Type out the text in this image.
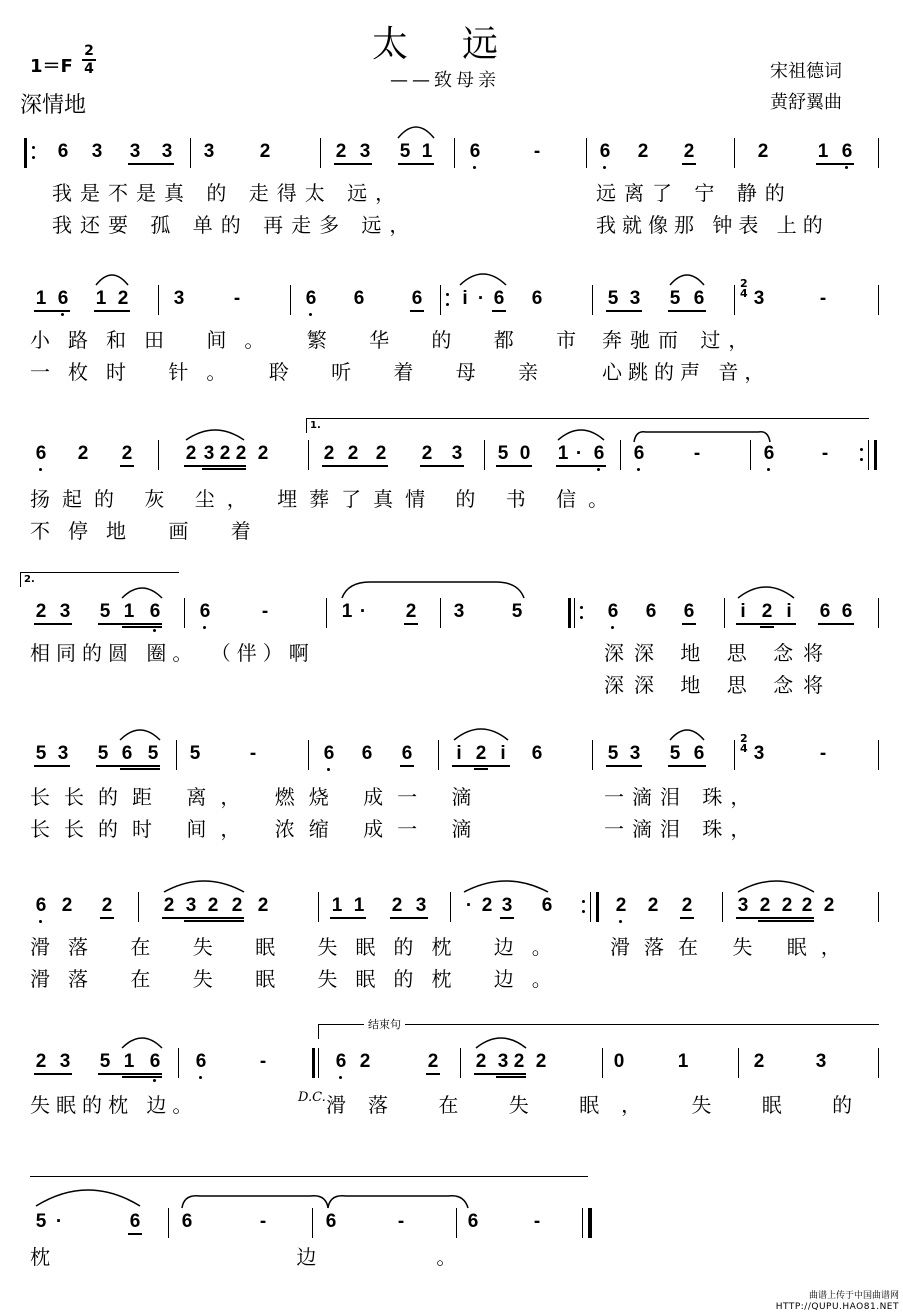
太远
——致母亲
1＝F
2
4
深情地
宋祖德词
黄舒翼曲
6 3 3 3 3 2	2 3 5 1 6	-	6 2 2	2	1 6
我是不是真 的 走得太 远，	远离了 宁 静的
我还要 孤 单的 再走多 远，	我就像那 钟表 上的
1 6 1 2 3	-	6 6 6 i · 6 6	5 3 5 6
2
4 3	-
小路和田 间。 繁 华 的 都 市 奔驰而 过，
一枚时 针。 聆 听 着 母 亲 心跳的声 音，
1.
6 2 2	2 3 2 2 2	2 2 2 2 3 5 0 1 · 6 6	-	6	-
扬起的 灰 尘， 埋葬了真情 的 书 信。
不停地 画 着
2.
2 3 5 1 6 6	-	1 · 2 3 5	6 6 6 i 2 i 6 6
相同的圆 圈。 （伴）啊	深深 地 思 念将
深深 地 思 念将
5 3 5 6 5 5	-	6 6 6 i 2 i 6	5 3 5 6
2
4 3	-
长长的距 离， 燃烧 成一 滴	一滴泪 珠，
长长的时 间， 浓缩 成一 滴	一滴泪 珠，
6 2 2	2 3 2 2 2	1 1 2 3 · 2 3 6	2 2 2 3 2 2 2 2
滑落 在 失 眠 失眠的枕 边。 滑落在 失 眠，
滑落 在 失 眠 失眠的枕 边。
结束句
2 3 5 1 6 6	-	6 2	2 2 3 2 2	0	1	2	3
失眠的枕 边。	D.C. 滑落 在 失 眠， 失 眠 的
5 ·	6 6	-	6	-	6	-
枕 边。
曲谱上传于中国曲谱网
HTTP://QUPU.HAO81.NET
